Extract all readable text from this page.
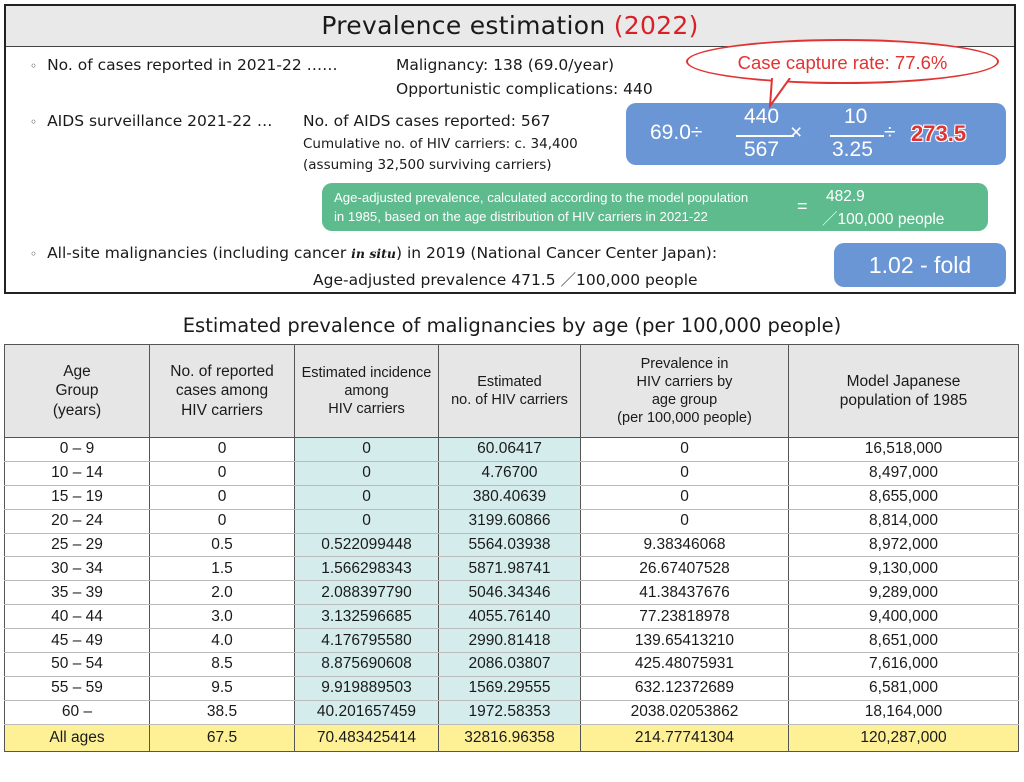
Prevalence estimation (2022)
◦ No. of cases reported in 2021-22 ……	Malignancy: 138 (69.0/year)
Opportunistic complications: 440
◦ AIDS surveillance 2021-22 … No. of AIDS cases reported: 567
Cumulative no. of HIV carriers: c. 34,400
(assuming 32,500 surviving carriers)
Case capture rate: 77.6%
69.0÷
440
567
×
10
3.25
÷ 273.5
Age-adjusted prevalence, calculated according to the model population
in 1985, based on the age distribution of HIV carriers in 2021-22
= 482.9
／100,000 people
◦ All-site malignancies (including cancer in situ) in 2019 (National Cancer Center Japan):
Age-adjusted prevalence 471.5 ／100,000 people
1.02 - fold
Estimated prevalence of malignancies by age (per 100,000 people)
Age
Group
(years)	No. of reported
cases among
HIV carriers	Estimated incidence
among
HIV carriers	Estimated
no. of HIV carriers	Prevalence in
HIV carriers by
age group
(per 100,000 people)	Model Japanese
population of 1985
0 – 9	0	0	60.06417	0	16,518,000
10 – 14	0	0	4.76700	0	8,497,000
15 – 19	0	0	380.40639	0	8,655,000
20 – 24	0	0	3199.60866	0	8,814,000
25 – 29	0.5	0.522099448	5564.03938	9.38346068	8,972,000
30 – 34	1.5	1.566298343	5871.98741	26.67407528	9,130,000
35 – 39	2.0	2.088397790	5046.34346	41.38437676	9,289,000
40 – 44	3.0	3.132596685	4055.76140	77.23818978	9,400,000
45 – 49	4.0	4.176795580	2990.81418	139.65413210	8,651,000
50 – 54	8.5	8.875690608	2086.03807	425.48075931	7,616,000
55 – 59	9.5	9.919889503	1569.29555	632.12372689	6,581,000
60 –	38.5	40.201657459	1972.58353	2038.02053862	18,164,000
All ages	67.5	70.483425414	32816.96358	214.77741304	120,287,000
